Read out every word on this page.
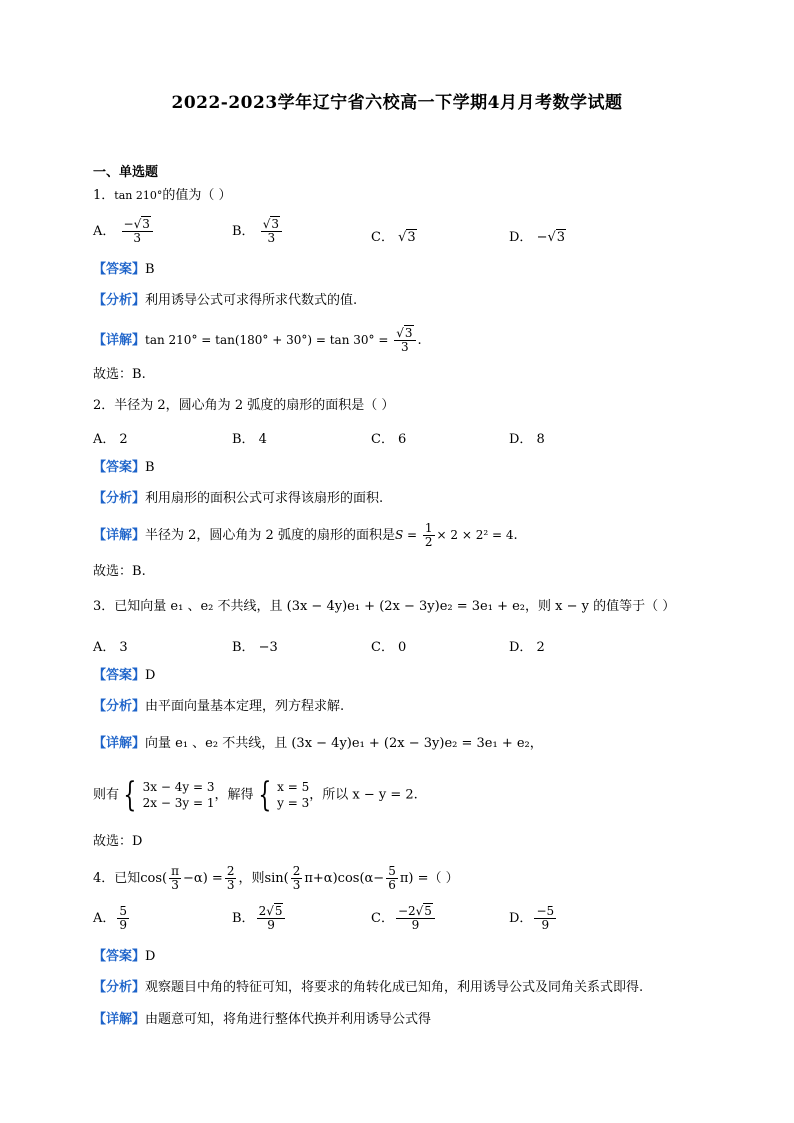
2022-2023学年辽宁省六校高一下学期4月月考数学试题
一、单选题
1．tan 210°的值为（ ）
A． $\frac{-√3}{3}$	B． $\frac{√3}{3}$	C． √3	D． −√3
【答案】B
【分析】利用诱导公式可求得所求代数式的值.
【详解】$\tan 210^\circ = \tan(180^\circ + 30^\circ) = \tan 30^\circ = \frac{√3}{3}$ .
故选：B.
2．半径为 2，圆心角为 2 弧度的扇形的面积是（ ）
A． 2	B． 4	C． 6	D． 8
【答案】B
【分析】利用扇形的面积公式可求得该扇形的面积.
【详解】半径为 2，圆心角为 2 弧度的扇形的面积是$S = \frac{1}{2} \times 2 \times 2^2 = 4$.
故选：B.
3．已知向量 e₁ 、e₂ 不共线，且 (3x − 4y)e₁ + (2x − 3y)e₂ = 3e₁ + e₂，则 x − y 的值等于（ ）
A． 3	B． −3	C． 0	D． 2
【答案】D
【分析】由平面向量基本定理，列方程求解.
【详解】向量 e₁ 、e₂ 不共线，且 (3x − 4y)e₁ + (2x − 3y)e₂ = 3e₁ + e₂，
则有 { 3x − 4y = 3
2x − 3y = 1
，解得 { x = 5
y = 3
，所以 x − y = 2.
故选：D
4．已知$\cos( \frac{\pi}{3} -\alpha) = \frac{2}{3}$ ，则$\sin( \frac{2}{3} \pi+\alpha)\cos(\alpha- \frac{5}{6} \pi)$ =（ ）
A． $\frac{5}{9}$	B． $\frac{2√5}{9}$	C． $\frac{-2√5}{9}$	D． $\frac{-5}{9}$
【答案】D
【分析】观察题目中角的特征可知，将要求的角转化成已知角，利用诱导公式及同角关系式即得.
【详解】由题意可知，将角进行整体代换并利用诱导公式得
